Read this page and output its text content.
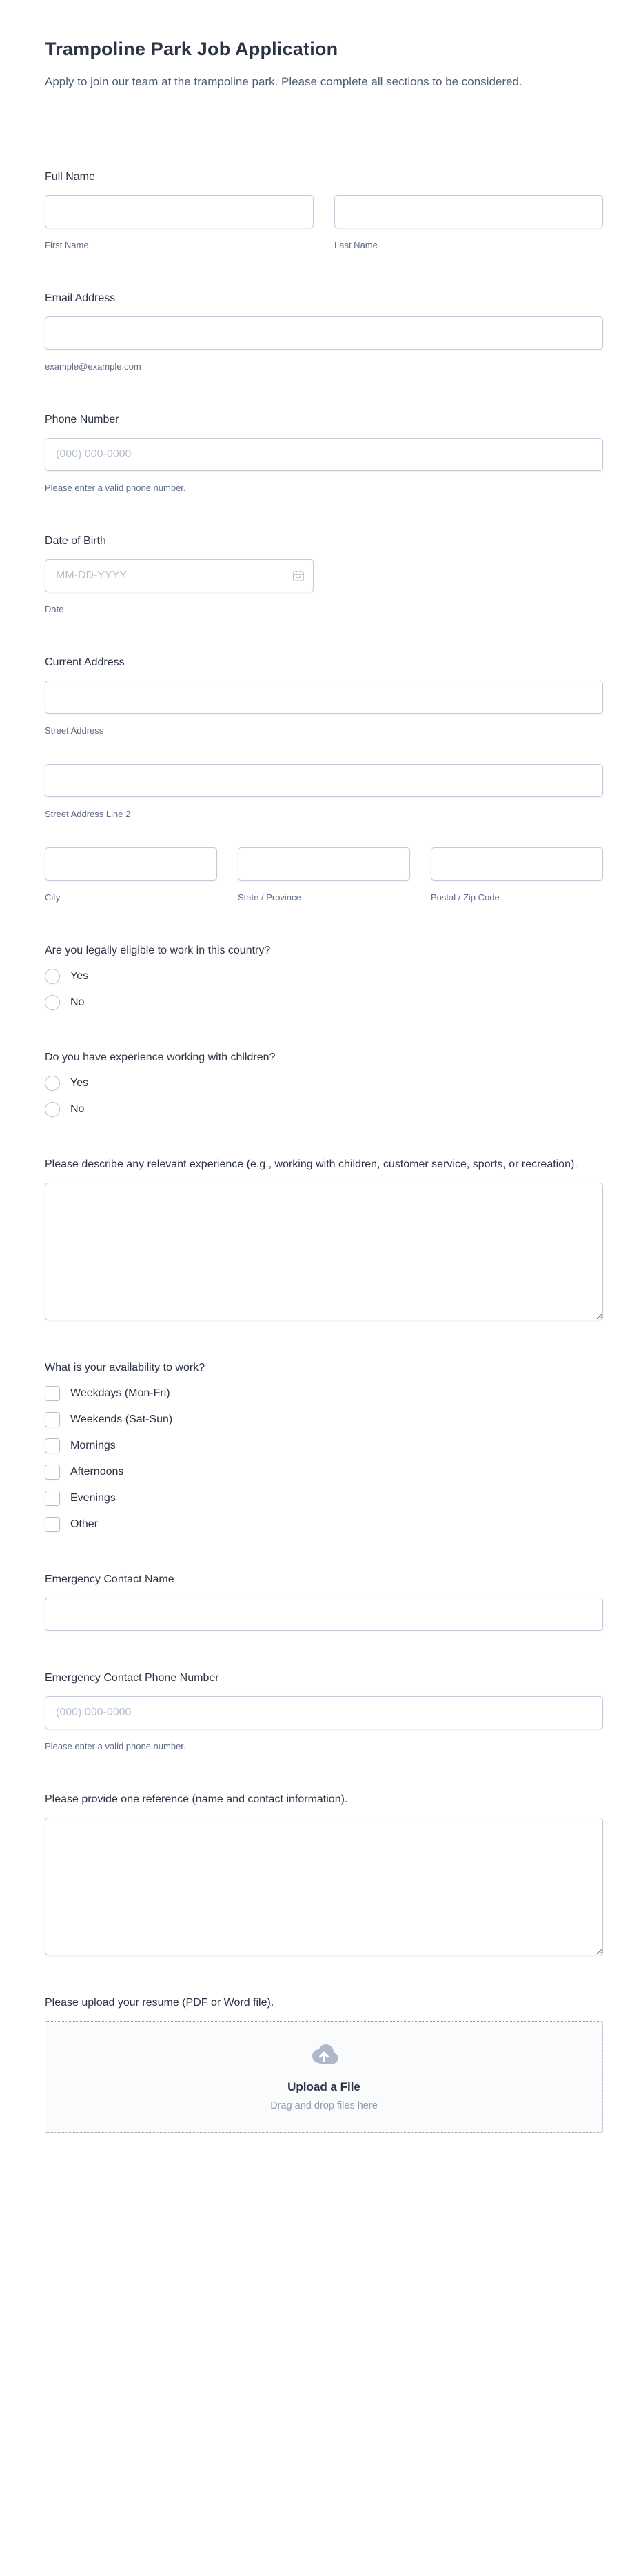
Trampoline Park Job Application

Apply to join our team at the trampoline park. Please complete all sections to be considered.

Full Name
First Name	Last Name
Email Address
example@example.com
Phone Number
(000) 000-0000
Please enter a valid phone number.
Date of Birth
MM-DD-YYYY
Date
Current Address
Street Address
Street Address Line 2
City	State / Province	Postal / Zip Code
Are you legally eligible to work in this country?
Yes
No
Do you have experience working with children?
Yes
No
Please describe any relevant experience (e.g., working with children, customer service, sports, or recreation).
What is your availability to work?
Weekdays (Mon-Fri)
Weekends (Sat-Sun)
Mornings
Afternoons
Evenings
Other
Emergency Contact Name
Emergency Contact Phone Number
(000) 000-0000
Please enter a valid phone number.
Please provide one reference (name and contact information).
Please upload your resume (PDF or Word file).
Upload a File
Drag and drop files here
